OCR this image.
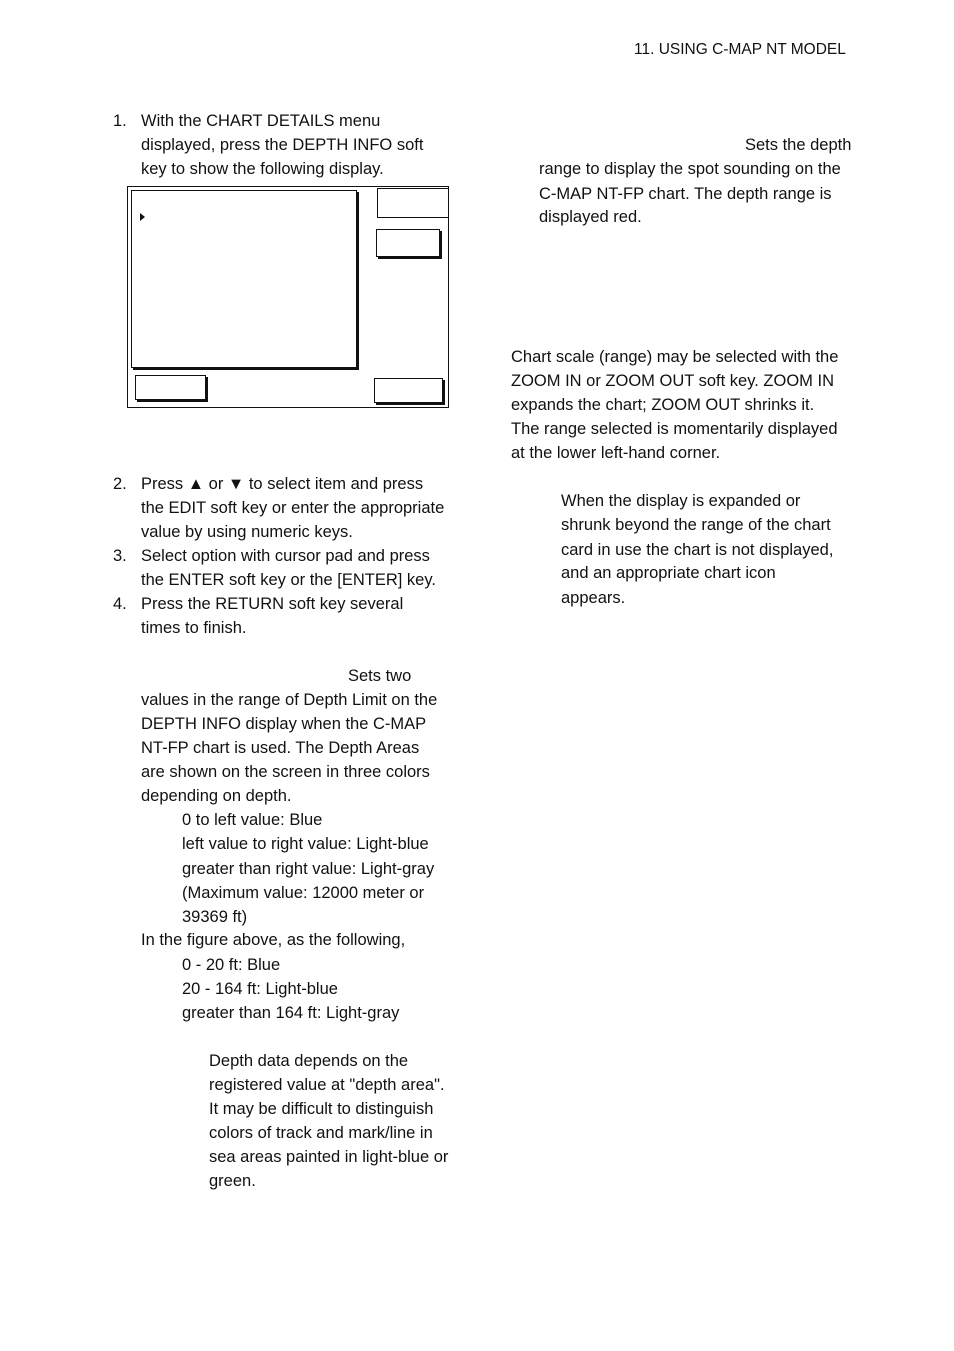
11. USING C-MAP NT MODEL
1. With the CHART DETAILS menu
displayed, press the DEPTH INFO soft
key to show the following display.
2. Press ▲ or ▼ to select item and press
the EDIT soft key or enter the appropriate
value by using numeric keys.
3. Select option with cursor pad and press
the ENTER soft key or the [ENTER] key.
4. Press the RETURN soft key several
times to finish.
Sets two
values in the range of Depth Limit on the
DEPTH INFO display when the C-MAP
NT-FP chart is used. The Depth Areas
are shown on the screen in three colors
depending on depth.
0 to left value: Blue
left value to right value: Light-blue
greater than right value: Light-gray
(Maximum value: 12000 meter or
39369 ft)
In the figure above, as the following,
0 - 20 ft: Blue
20 - 164 ft: Light-blue
greater than 164 ft: Light-gray
Depth data depends on the
registered value at "depth area".
It may be difficult to distinguish
colors of track and mark/line in
sea areas painted in light-blue or
green.
Sets the depth
range to display the spot sounding on the
C-MAP NT-FP chart. The depth range is
displayed red.
Chart scale (range) may be selected with the
ZOOM IN or ZOOM OUT soft key. ZOOM IN
expands the chart; ZOOM OUT shrinks it.
The range selected is momentarily displayed
at the lower left-hand corner.
When the display is expanded or
shrunk beyond the range of the chart
card in use the chart is not displayed,
and an appropriate chart icon
appears.
